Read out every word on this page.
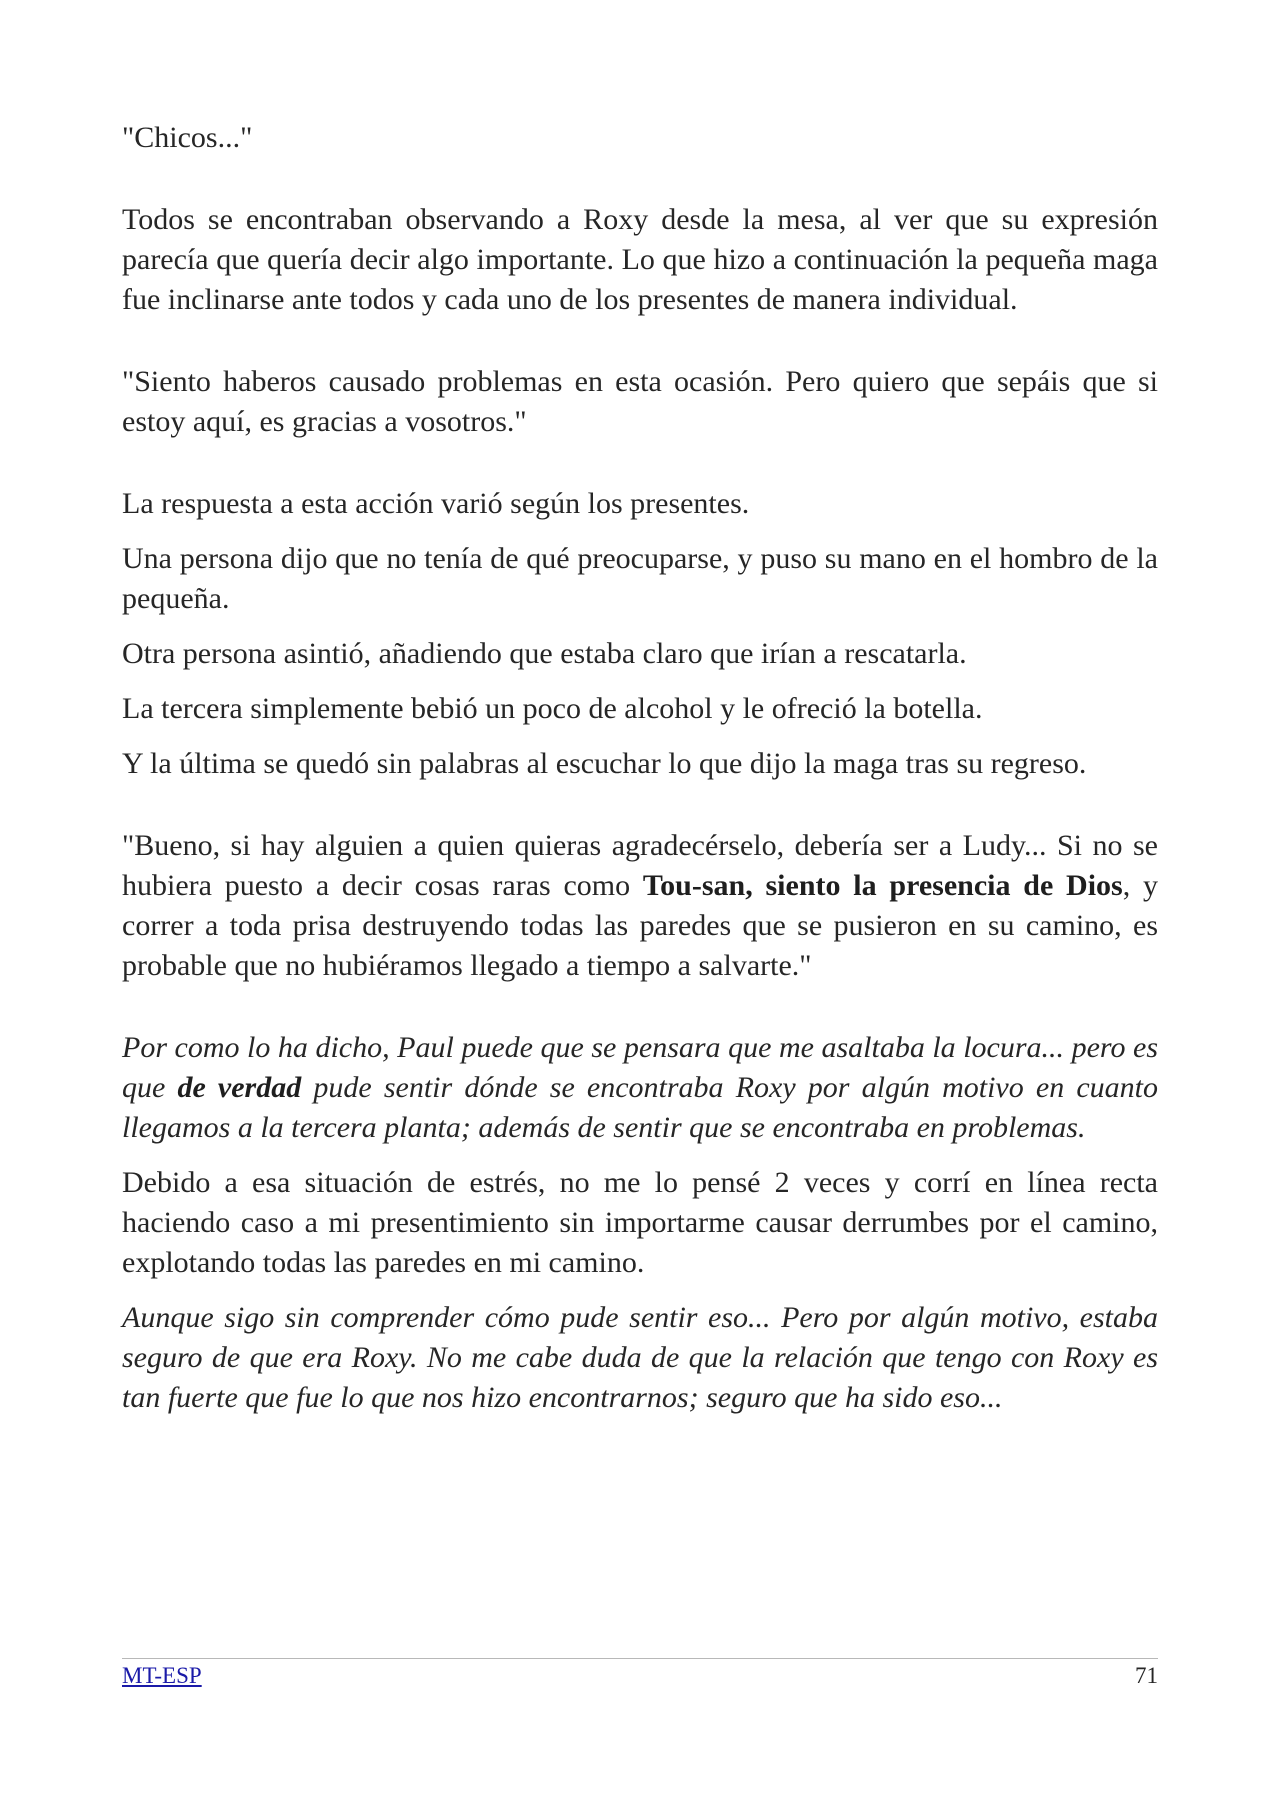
"Chicos..."

Todos se encontraban observando a Roxy desde la mesa, al ver que su expresión parecía que quería decir algo importante. Lo que hizo a continuación la pequeña maga fue inclinarse ante todos y cada uno de los presentes de manera individual.

"Siento haberos causado problemas en esta ocasión. Pero quiero que sepáis que si estoy aquí, es gracias a vosotros."

La respuesta a esta acción varió según los presentes.

Una persona dijo que no tenía de qué preocuparse, y puso su mano en el hombro de la pequeña.

Otra persona asintió, añadiendo que estaba claro que irían a rescatarla.

La tercera simplemente bebió un poco de alcohol y le ofreció la botella.

Y la última se quedó sin palabras al escuchar lo que dijo la maga tras su regreso.

"Bueno, si hay alguien a quien quieras agradecérselo, debería ser a Ludy... Si no se hubiera puesto a decir cosas raras como Tou-san, siento la presencia de Dios, y correr a toda prisa destruyendo todas las paredes que se pusieron en su camino, es probable que no hubiéramos llegado a tiempo a salvarte."

Por como lo ha dicho, Paul puede que se pensara que me asaltaba la locura... pero es que de verdad pude sentir dónde se encontraba Roxy por algún motivo en cuanto llegamos a la tercera planta; además de sentir que se encontraba en problemas.

Debido a esa situación de estrés, no me lo pensé 2 veces y corrí en línea recta haciendo caso a mi presentimiento sin importarme causar derrumbes por el camino, explotando todas las paredes en mi camino.

Aunque sigo sin comprender cómo pude sentir eso... Pero por algún motivo, estaba seguro de que era Roxy. No me cabe duda de que la relación que tengo con Roxy es tan fuerte que fue lo que nos hizo encontrarnos; seguro que ha sido eso...

MT-ESP	71
